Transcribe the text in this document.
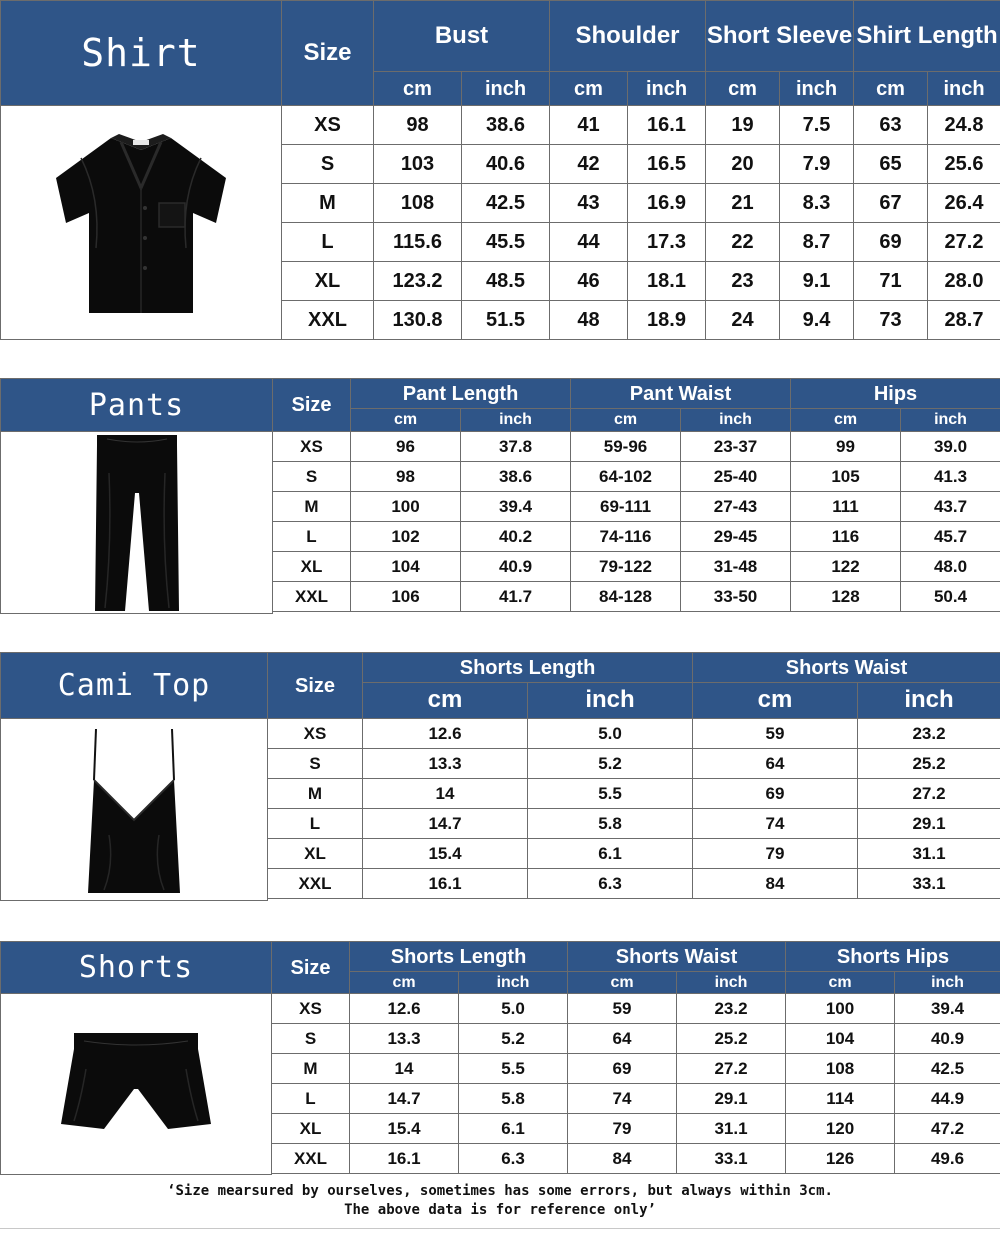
Shirt	Size	Bust		Shoulder		Short Sleeve		Shirt Length	
	cm	inch	cm	inch	cm	inch	cm	inch
XS	98	38.6	41	16.1	19	7.5	63	24.8
S	103	40.6	42	16.5	20	7.9	65	25.6
M	108	42.5	43	16.9	21	8.3	67	26.4
L	115.6	45.5	44	17.3	22	8.7	69	27.2
XL	123.2	48.5	46	18.1	23	9.1	71	28.0
XXL	130.8	51.5	48	18.9	24	9.4	73	28.7
Pants	Size	Pant Length		Pant Waist		Hips	
	cm	inch	cm	inch	cm	inch
XS	96	37.8	59-96	23-37	99	39.0
S	98	38.6	64-102	25-40	105	41.3
M	100	39.4	69-111	27-43	111	43.7
L	102	40.2	74-116	29-45	116	45.7
XL	104	40.9	79-122	31-48	122	48.0
XXL	106	41.7	84-128	33-50	128	50.4
Cami Top	Size	Shorts Length		Shorts Waist	
	cm	inch	cm	inch
XS	12.6	5.0	59	23.2
S	13.3	5.2	64	25.2
M	14	5.5	69	27.2
L	14.7	5.8	74	29.1
XL	15.4	6.1	79	31.1
XXL	16.1	6.3	84	33.1
Shorts	Size	Shorts Length		Shorts Waist		Shorts Hips	
	cm	inch	cm	inch	cm	inch
XS	12.6	5.0	59	23.2	100	39.4
S	13.3	5.2	64	25.2	104	40.9
M	14	5.5	69	27.2	108	42.5
L	14.7	5.8	74	29.1	114	44.9
XL	15.4	6.1	79	31.1	120	47.2
XXL	16.1	6.3	84	33.1	126	49.6
‘Size mearsured by ourselves, sometimes has some errors, but always within 3cm.
The above data is for reference only’
